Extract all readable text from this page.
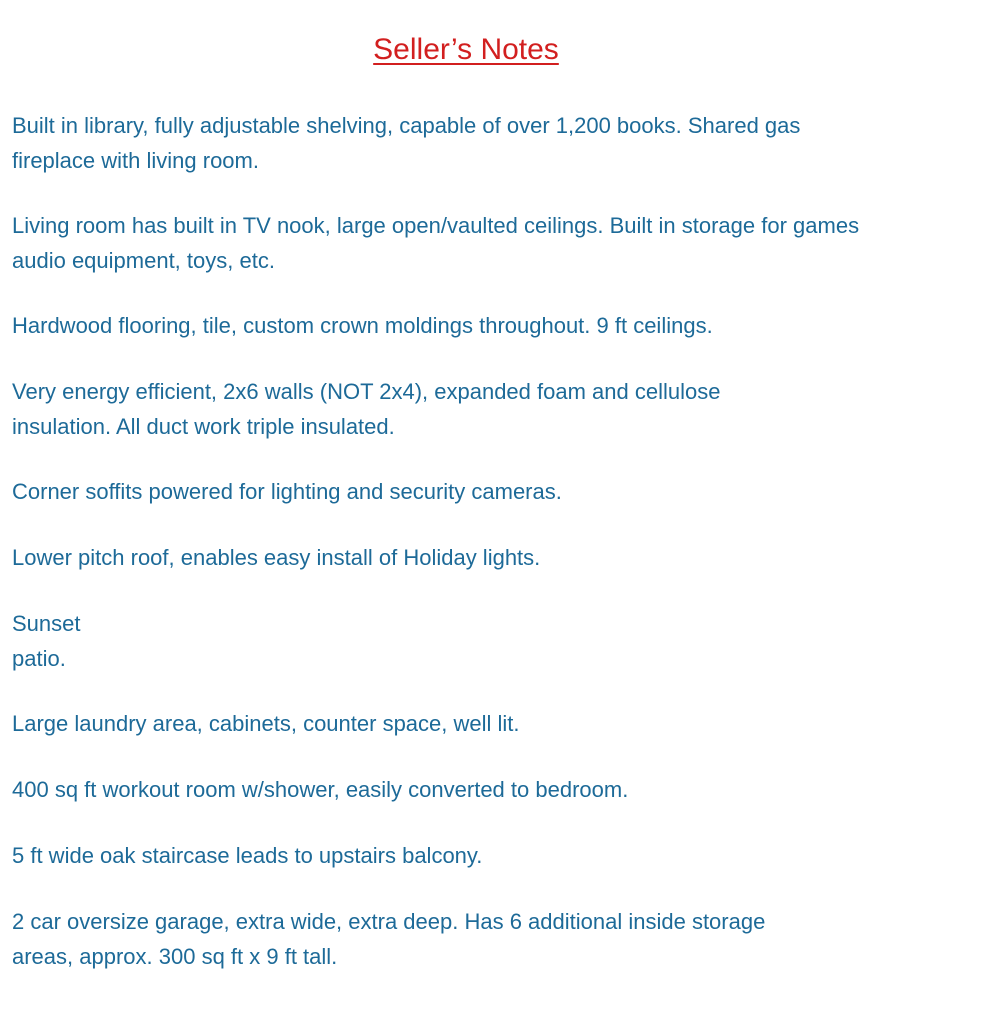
Seller’s Notes
Built in library, fully adjustable shelving, capable of over 1,200 books. Shared gas
fireplace with living room.
Living room has built in TV nook, large open/vaulted ceilings. Built in storage for games
audio equipment, toys, etc.
Hardwood flooring, tile, custom crown moldings throughout. 9 ft ceilings.
Very energy efficient, 2x6 walls (NOT 2x4), expanded foam and cellulose
insulation. All duct work triple insulated.
Corner soffits powered for lighting and security cameras.
Lower pitch roof, enables easy install of Holiday lights.
Sunset
patio.
Large laundry area, cabinets, counter space, well lit.
400 sq ft workout room w/shower, easily converted to bedroom.
5 ft wide oak staircase leads to upstairs balcony.
2 car oversize garage, extra wide, extra deep. Has 6 additional inside storage
areas, approx. 300 sq ft x 9 ft tall.
